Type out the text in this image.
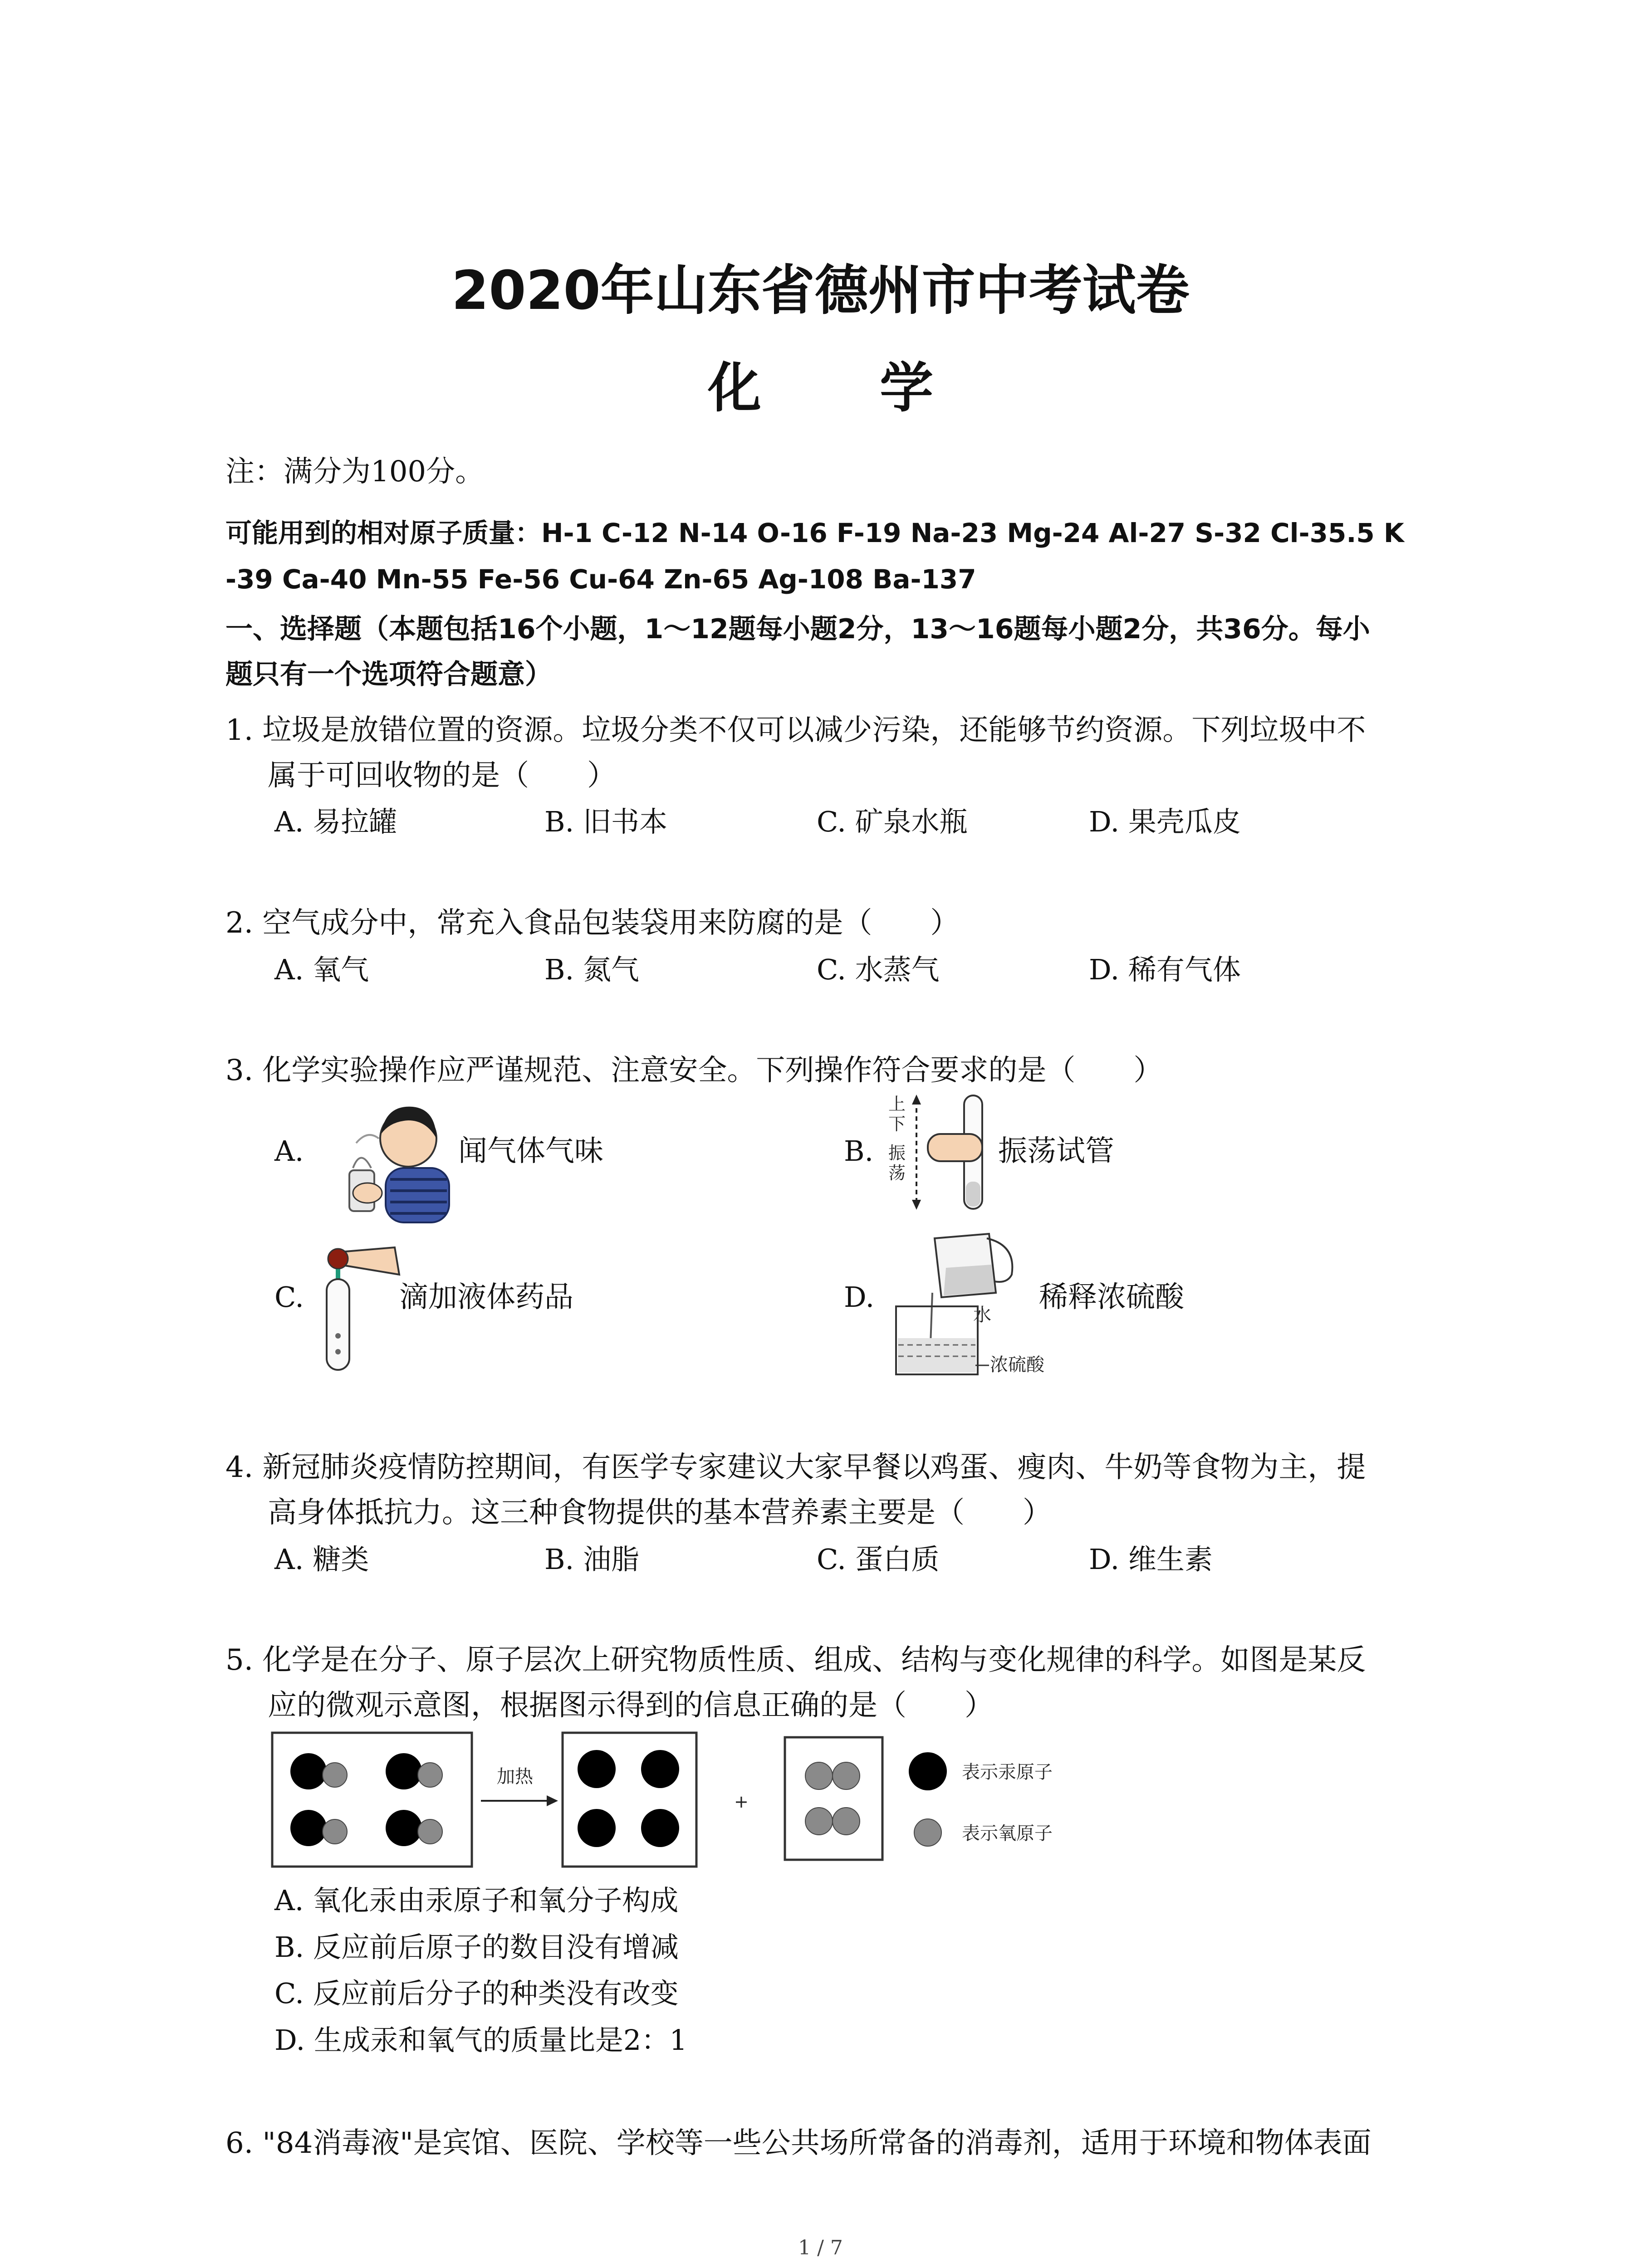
2020年山东省德州市中考试卷
化 学
注：满分为100分。
可能用到的相对原子质量：H-1 C-12 N-14 O-16 F-19 Na-23 Mg-24 Al-27 S-32 Cl-35.5 K
-39 Ca-40 Mn-55 Fe-56 Cu-64 Zn-65 Ag-108 Ba-137
一、选择题（本题包括16个小题，1～12题每小题2分，13～16题每小题2分，共36分。每小
题只有一个选项符合题意）
1. 垃圾是放错位置的资源。垃圾分类不仅可以减少污染，还能够节约资源。下列垃圾中不
属于可回收物的是（　　）
A. 易拉罐	B. 旧书本	C. 矿泉水瓶	D. 果壳瓜皮
2. 空气成分中，常充入食品包装袋用来防腐的是（　　）
A. 氧气	B. 氮气	C. 水蒸气	D. 稀有气体
3. 化学实验操作应严谨规范、注意安全。下列操作符合要求的是（　　）
A.	闻气体气味	B.
上
下
振
荡
振荡试管
C.	滴加液体药品	D.
水
浓硫酸
稀释浓硫酸
4. 新冠肺炎疫情防控期间，有医学专家建议大家早餐以鸡蛋、瘦肉、牛奶等食物为主，提
高身体抵抗力。这三种食物提供的基本营养素主要是（　　）
A. 糖类	B. 油脂	C. 蛋白质	D. 维生素
5. 化学是在分子、原子层次上研究物质性质、组成、结构与变化规律的科学。如图是某反
应的微观示意图，根据图示得到的信息正确的是（　　）
加热
+
表示汞原子
表示氧原子
A. 氧化汞由汞原子和氧分子构成
B. 反应前后原子的数目没有增减
C. 反应前后分子的种类没有改变
D. 生成汞和氧气的质量比是2：1
6. "84消毒液"是宾馆、医院、学校等一些公共场所常备的消毒剂，适用于环境和物体表面
1 / 7
